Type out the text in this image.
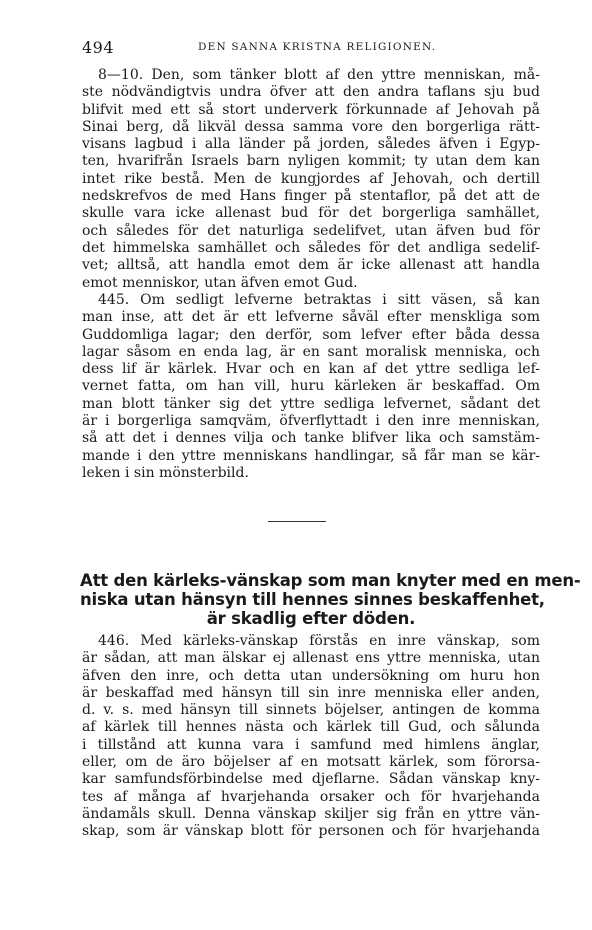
494	DEN SANNA KRISTNA RELIGIONEN.
8—10. Den, som tänker blott af den yttre menniskan, må-
ste nödvändigtvis undra öfver att den andra taflans sju bud
blifvit med ett så stort underverk förkunnade af Jehovah på
Sinai berg, då likväl dessa samma vore den borgerliga rätt-
visans lagbud i alla länder på jorden, således äfven i Egyp-
ten, hvarifrån Israels barn nyligen kommit; ty utan dem kan
intet rike bestå. Men de kungjordes af Jehovah, och dertill
nedskrefvos de med Hans finger på stentaflor, på det att de
skulle vara icke allenast bud för det borgerliga samhället,
och således för det naturliga sedelifvet, utan äfven bud för
det himmelska samhället och således för det andliga sedelif-
vet; alltså, att handla emot dem är icke allenast att handla
emot menniskor, utan äfven emot Gud.
445. Om sedligt lefverne betraktas i sitt väsen, så kan
man inse, att det är ett lefverne såväl efter menskliga som
Guddomliga lagar; den derför, som lefver efter båda dessa
lagar såsom en enda lag, är en sant moralisk menniska, och
dess lif är kärlek. Hvar och en kan af det yttre sedliga lef-
vernet fatta, om han vill, huru kärleken är beskaffad. Om
man blott tänker sig det yttre sedliga lefvernet, sådant det
är i borgerliga samqväm, öfverflyttadt i den inre menniskan,
så att det i dennes vilja och tanke blifver lika och samstäm-
mande i den yttre menniskans handlingar, så får man se kär-
leken i sin mönsterbild.
Att den kärleks-vänskap som man knyter med en men-
niska utan hänsyn till hennes sinnes beskaffenhet,
är skadlig efter döden.
446. Med kärleks-vänskap förstås en inre vänskap, som
är sådan, att man älskar ej allenast ens yttre menniska, utan
äfven den inre, och detta utan undersökning om huru hon
är beskaffad med hänsyn till sin inre menniska eller anden,
d. v. s. med hänsyn till sinnets böjelser, antingen de komma
af kärlek till hennes nästa och kärlek till Gud, och sålunda
i tillstånd att kunna vara i samfund med himlens änglar,
eller, om de äro böjelser af en motsatt kärlek, som förorsa-
kar samfundsförbindelse med djeflarne. Sådan vänskap kny-
tes af många af hvarjehanda orsaker och för hvarjehanda
ändamåls skull. Denna vänskap skiljer sig från en yttre vän-
skap, som är vänskap blott för personen och för hvarjehanda
